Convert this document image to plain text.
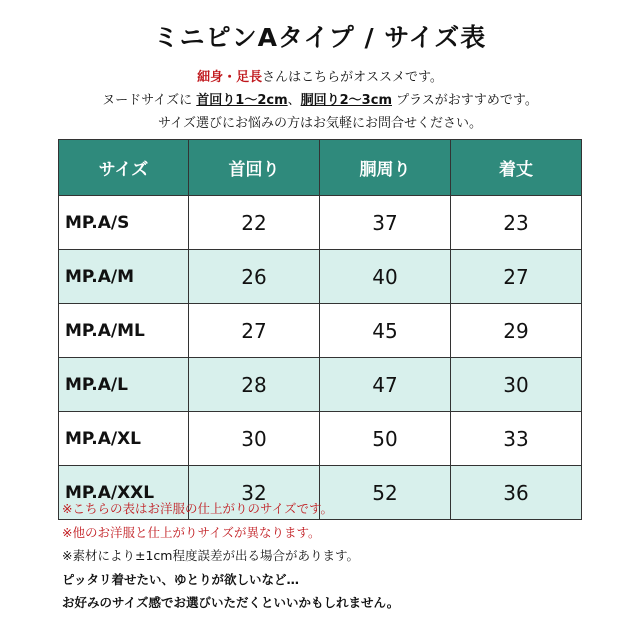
ミニピンAタイプ / サイズ表
細身・足長さんはこちらがオススメです。
ヌードサイズに 首回り1～2cm、胴回り2～3cm プラスがおすすめです。
サイズ選びにお悩みの方はお気軽にお問合せください。
サイズ	首回り	胴周り	着丈
MP.A/S	22	37	23
MP.A/M	26	40	27
MP.A/ML	27	45	29
MP.A/L	28	47	30
MP.A/XL	30	50	33
MP.A/XXL	32	52	36
※こちらの表はお洋服の仕上がりのサイズです。
※他のお洋服と仕上がりサイズが異なります。
※素材により±1cm程度誤差が出る場合があります。
ピッタリ着せたい、ゆとりが欲しいなど…
お好みのサイズ感でお選びいただくといいかもしれません。
